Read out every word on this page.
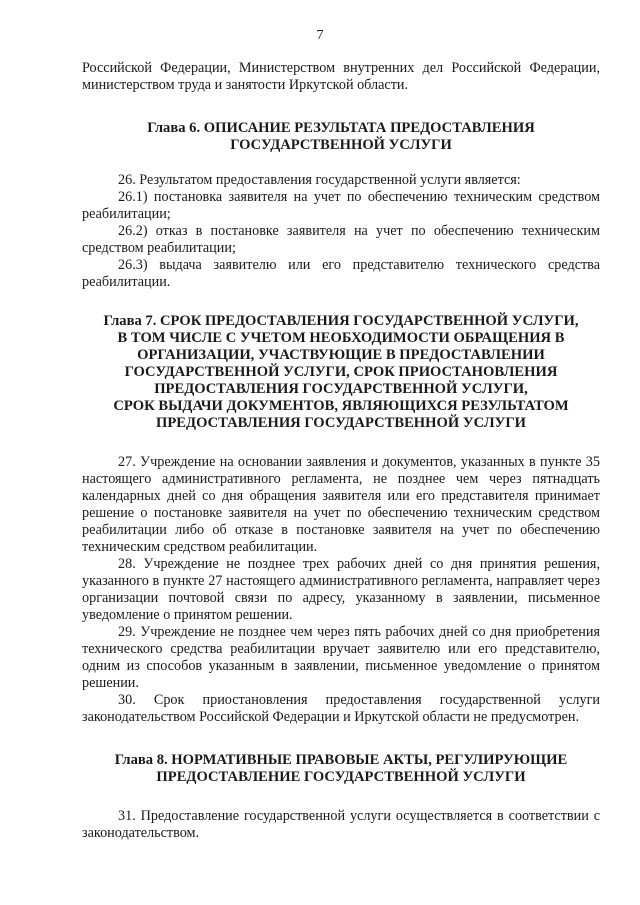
7

Российской Федерации, Министерством внутренних дел Российской Федерации, министерством труда и занятости Иркутской области.

Глава 6. ОПИСАНИЕ РЕЗУЛЬТАТА ПРЕДОСТАВЛЕНИЯ
ГОСУДАРСТВЕННОЙ УСЛУГИ

26. Результатом предоставления государственной услуги является:

26.1) постановка заявителя на учет по обеспечению техническим средством реабилитации;

26.2) отказ в постановке заявителя на учет по обеспечению техническим средством реабилитации;

26.3) выдача заявителю или его представителю технического средства реабилитации.

Глава 7. СРОК ПРЕДОСТАВЛЕНИЯ ГОСУДАРСТВЕННОЙ УСЛУГИ,
В ТОМ ЧИСЛЕ С УЧЕТОМ НЕОБХОДИМОСТИ ОБРАЩЕНИЯ В
ОРГАНИЗАЦИИ, УЧАСТВУЮЩИЕ В ПРЕДОСТАВЛЕНИИ
ГОСУДАРСТВЕННОЙ УСЛУГИ, СРОК ПРИОСТАНОВЛЕНИЯ
ПРЕДОСТАВЛЕНИЯ ГОСУДАРСТВЕННОЙ УСЛУГИ,
СРОК ВЫДАЧИ ДОКУМЕНТОВ, ЯВЛЯЮЩИХСЯ РЕЗУЛЬТАТОМ
ПРЕДОСТАВЛЕНИЯ ГОСУДАРСТВЕННОЙ УСЛУГИ

27. Учреждение на основании заявления и документов, указанных в пункте 35 настоящего административного регламента, не позднее чем через пятнадцать календарных дней со дня обращения заявителя или его представителя принимает решение о постановке заявителя на учет по обеспечению техническим средством реабилитации либо об отказе в постановке заявителя на учет по обеспечению техническим средством реабилитации.

28. Учреждение не позднее трех рабочих дней со дня принятия решения, указанного в пункте 27 настоящего административного регламента, направляет через организации почтовой связи по адресу, указанному в заявлении, письменное уведомление о принятом решении.

29. Учреждение не позднее чем через пять рабочих дней со дня приобретения технического средства реабилитации вручает заявителю или его представителю, одним из способов указанным в заявлении, письменное уведомление о принятом решении.

30. Срок приостановления предоставления государственной услуги законодательством Российской Федерации и Иркутской области не предусмотрен.

Глава 8. НОРМАТИВНЫЕ ПРАВОВЫЕ АКТЫ, РЕГУЛИРУЮЩИЕ
ПРЕДОСТАВЛЕНИЕ ГОСУДАРСТВЕННОЙ УСЛУГИ

31. Предоставление государственной услуги осуществляется в соответствии с законодательством.
